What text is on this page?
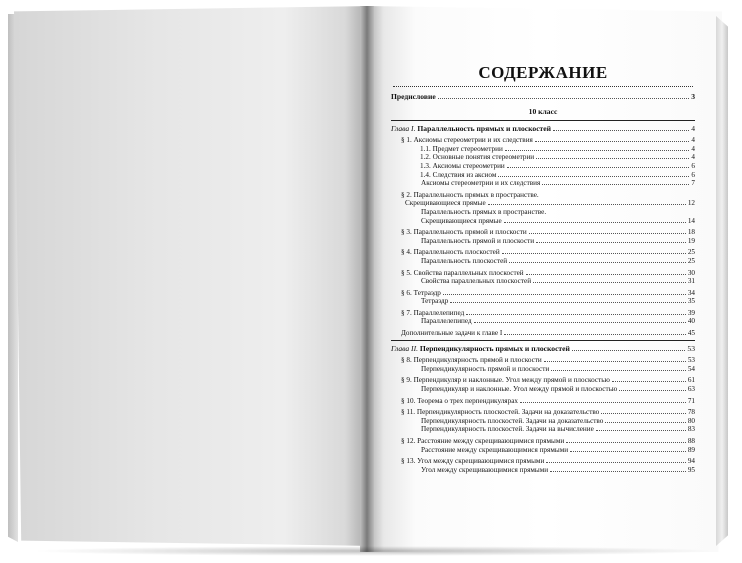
СОДЕРЖАНИЕ
Предисловие	3
10 класс
Глава I. Параллельность прямых и плоскостей	4
§ 1. Аксиомы стереометрии и их следствия	4
1.1. Предмет стереометрии	4
1.2. Основные понятия стереометрии	4
1.3. Аксиомы стереометрии	6
1.4. Следствия из аксиом	6
Аксиомы стереометрии и их следствия	7
§ 2. Параллельность прямых в пространстве.
Скрещивающиеся прямые	12
Параллельность прямых в пространстве.
Скрещивающиеся прямые	14
§ 3. Параллельность прямой и плоскости	18
Параллельность прямой и плоскости	19
§ 4. Параллельность плоскостей	25
Параллельность плоскостей	25
§ 5. Свойства параллельных плоскостей	30
Свойства параллельных плоскостей	31
§ 6. Тетраэдр	34
Тетраэдр	35
§ 7. Параллелепипед	39
Параллелепипед	40
Дополнительные задачи к главе I	45
Глава II. Перпендикулярность прямых и плоскостей	53
§ 8. Перпендикулярность прямой и плоскости	53
Перпендикулярность прямой и плоскости	54
§ 9. Перпендикуляр и наклонные. Угол между прямой и плоскостью	61
Перпендикуляр и наклонные. Угол между прямой и плоскостью	63
§ 10. Теорема о трех перпендикулярах	71
§ 11. Перпендикулярность плоскостей. Задачи на доказательство	78
Перпендикулярность плоскостей. Задачи на доказательство	80
Перпендикулярность плоскостей. Задачи на вычисление	83
§ 12. Расстояние между скрещивающимися прямыми	88
Расстояние между скрещивающимися прямыми	89
§ 13. Угол между скрещивающимися прямыми	94
Угол между скрещивающимися прямыми	95
